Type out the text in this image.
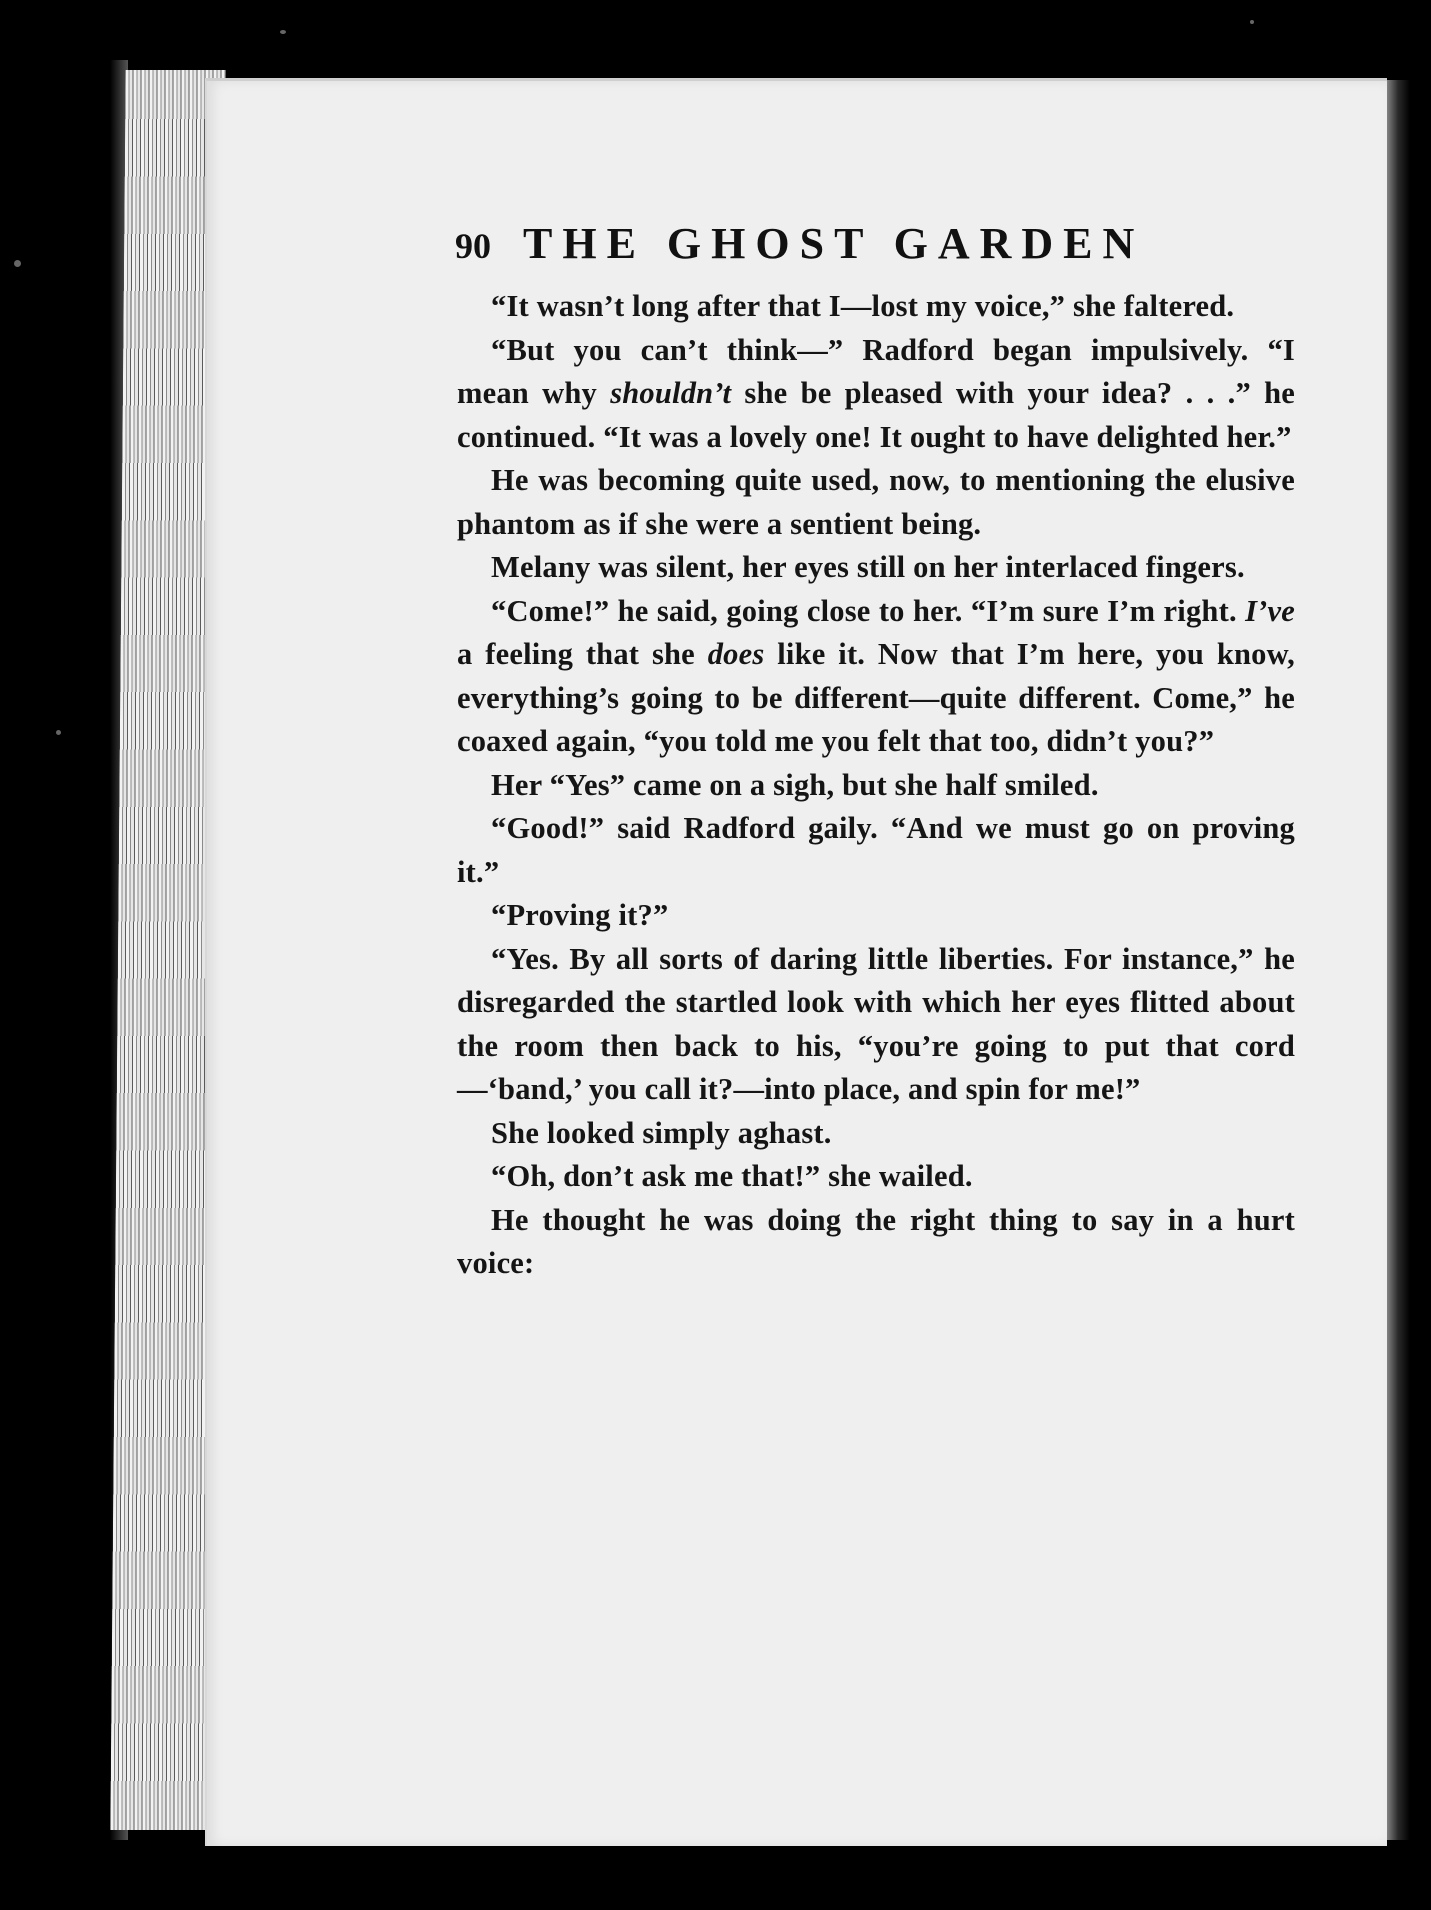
90 THE GHOST GARDEN

“It wasn’t long after that I—lost my voice,” she faltered.

“But you can’t think—” Radford began impulsively. “I mean why shouldn’t she be pleased with your idea? . . .” he continued. “It was a lovely one! It ought to have delighted her.”

He was becoming quite used, now, to mentioning the elusive phantom as if she were a sentient being.

Melany was silent, her eyes still on her interlaced fingers.

“Come!” he said, going close to her. “I’m sure I’m right. I’ve a feeling that she does like it. Now that I’m here, you know, everything’s going to be different—quite different. Come,” he coaxed again, “you told me you felt that too, didn’t you?”

Her “Yes” came on a sigh, but she half smiled.

“Good!” said Radford gaily. “And we must go on proving it.”

“Proving it?”

“Yes. By all sorts of daring little liberties. For instance,” he disregarded the startled look with which her eyes flitted about the room then back to his, “you’re going to put that cord—‘band,’ you call it?—into place, and spin for me!”

She looked simply aghast.

“Oh, don’t ask me that!” she wailed.

He thought he was doing the right thing to say in a hurt voice:
